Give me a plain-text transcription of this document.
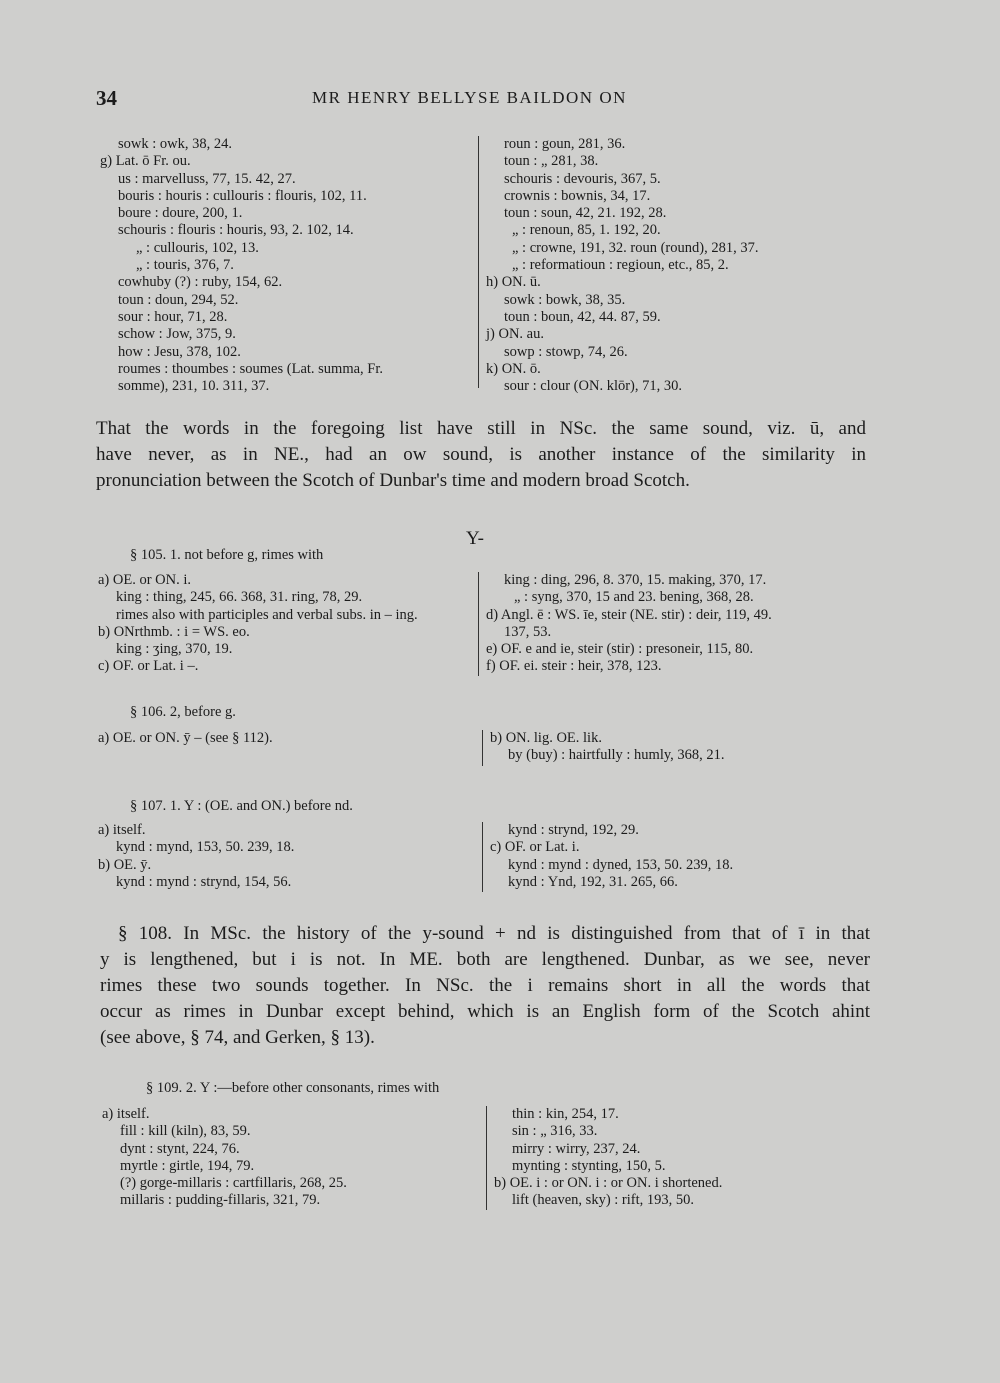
34	MR HENRY BELLYSE BAILDON ON
sowk : owk, 38, 24.
g) Lat. ō Fr. ou.
us : marvelluss, 77, 15. 42, 27.
bouris : houris : cullouris : flouris, 102, 11.
boure : doure, 200, 1.
schouris : flouris : houris, 93, 2. 102, 14.
„ : cullouris, 102, 13.
„ : touris, 376, 7.
cowhuby (?) : ruby, 154, 62.
toun : doun, 294, 52.
sour : hour, 71, 28.
schow : Jow, 375, 9.
how : Jesu, 378, 102.
roumes : thoumbes : soumes (Lat. summa, Fr.
somme), 231, 10. 311, 37.
roun : goun, 281, 36.
toun : „ 281, 38.
schouris : devouris, 367, 5.
crownis : bownis, 34, 17.
toun : soun, 42, 21. 192, 28.
„ : renoun, 85, 1. 192, 20.
„ : crowne, 191, 32. roun (round), 281, 37.
„ : reformatioun : regioun, etc., 85, 2.
h) ON. ū.
sowk : bowk, 38, 35.
toun : boun, 42, 44. 87, 59.
j) ON. au.
sowp : stowp, 74, 26.
k) ON. ō.
sour : clour (ON. klōr), 71, 30.
That the words in the foregoing list have still in NSc. the same sound, viz. ū, and
have never, as in NE., had an ow sound, is another instance of the similarity in
pronunciation between the Scotch of Dunbar's time and modern broad Scotch.
Y-
§ 105. 1. not before g, rimes with
a) OE. or ON. i.
king : thing, 245, 66. 368, 31. ring, 78, 29.
rimes also with participles and verbal subs. in – ing.
b) ONrthmb. : i = WS. eo.
king : ʒing, 370, 19.
c) OF. or Lat. i –.
king : ding, 296, 8. 370, 15. making, 370, 17.
„ : syng, 370, 15 and 23. bening, 368, 28.
d) Angl. ē : WS. īe, steir (NE. stir) : deir, 119, 49.
137, 53.
e) OF. e and ie, steir (stir) : presoneir, 115, 80.
f) OF. ei. steir : heir, 378, 123.
§ 106. 2, before g.
a) OE. or ON. ȳ – (see § 112).	b) ON. lig. OE. lik.
by (buy) : hairtfully : humly, 368, 21.
§ 107. 1. Y : (OE. and ON.) before nd.
a) itself.
kynd : mynd, 153, 50. 239, 18.
b) OE. ȳ.
kynd : mynd : strynd, 154, 56.
kynd : strynd, 192, 29.
c) OF. or Lat. i.
kynd : mynd : dyned, 153, 50. 239, 18.
kynd : Ynd, 192, 31. 265, 66.
§ 108. In MSc. the history of the y-sound + nd is distinguished from that of ī in that
y is lengthened, but i is not. In ME. both are lengthened. Dunbar, as we see, never
rimes these two sounds together. In NSc. the i remains short in all the words that
occur as rimes in Dunbar except behind, which is an English form of the Scotch ahint
(see above, § 74, and Gerken, § 13).
§ 109. 2. Y :—before other consonants, rimes with
a) itself.
fill : kill (kiln), 83, 59.
dynt : stynt, 224, 76.
myrtle : girtle, 194, 79.
(?) gorge-millaris : cartfillaris, 268, 25.
millaris : pudding-fillaris, 321, 79.
thin : kin, 254, 17.
sin : „ 316, 33.
mirry : wirry, 237, 24.
mynting : stynting, 150, 5.
b) OE. i : or ON. i : or ON. i shortened.
lift (heaven, sky) : rift, 193, 50.
